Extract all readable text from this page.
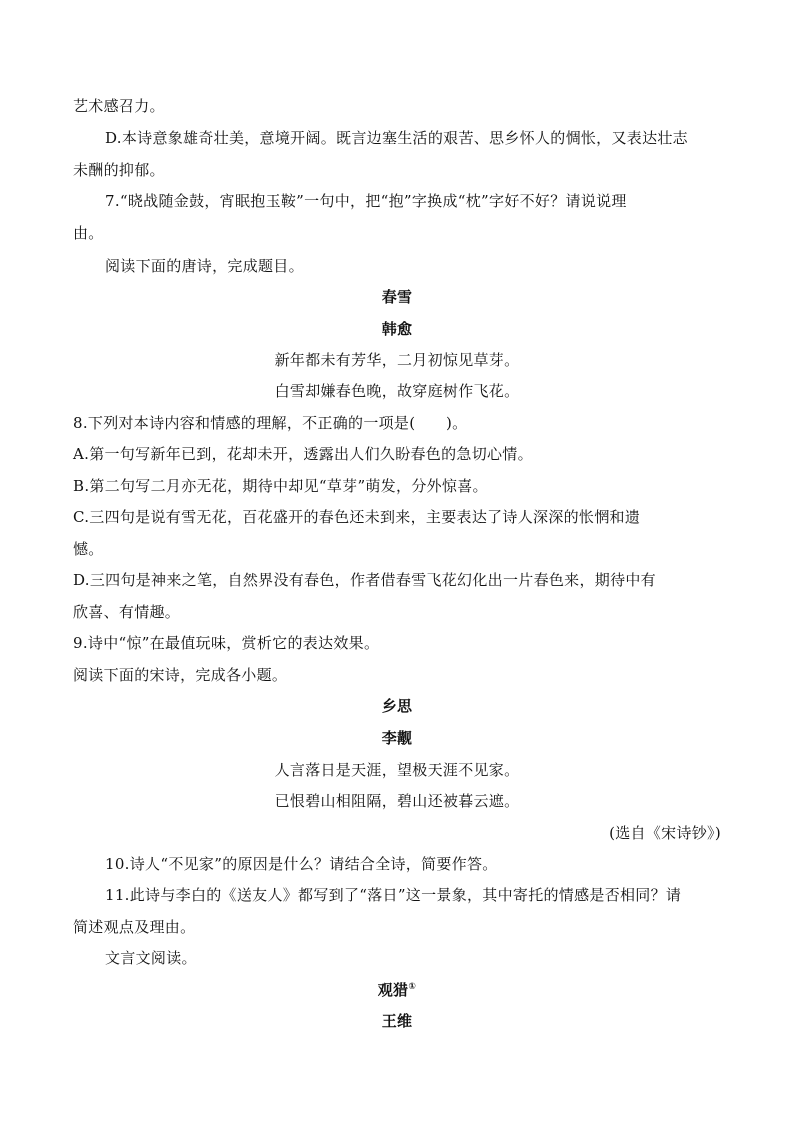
艺术感召力。
D.本诗意象雄奇壮美，意境开阔。既言边塞生活的艰苦、思乡怀人的惆怅，又表达壮志
未酬的抑郁。
7.“晓战随金鼓，宵眠抱玉鞍”一句中，把“抱”字换成“枕”字好不好？请说说理
由。
阅读下面的唐诗，完成题目。
春雪
韩愈
新年都未有芳华，二月初惊见草芽。
白雪却嫌春色晚，故穿庭树作飞花。
8.下列对本诗内容和情感的理解，不正确的一项是(　　)。
A.第一句写新年已到，花却未开，透露出人们久盼春色的急切心情。
B.第二句写二月亦无花，期待中却见“草芽”萌发，分外惊喜。
C.三四句是说有雪无花，百花盛开的春色还未到来，主要表达了诗人深深的怅惘和遗
憾。
D.三四句是神来之笔，自然界没有春色，作者借春雪飞花幻化出一片春色来，期待中有
欣喜、有情趣。
9.诗中“惊”在最值玩味，赏析它的表达效果。
阅读下面的宋诗，完成各小题。
乡思
李觏
人言落日是天涯，望极天涯不见家。
已恨碧山相阻隔，碧山还被暮云遮。
(选自《宋诗钞》)
10.诗人“不见家”的原因是什么？请结合全诗，简要作答。
11.此诗与李白的《送友人》都写到了“落日”这一景象，其中寄托的情感是否相同？请
简述观点及理由。
文言文阅读。
观猎①
王维
